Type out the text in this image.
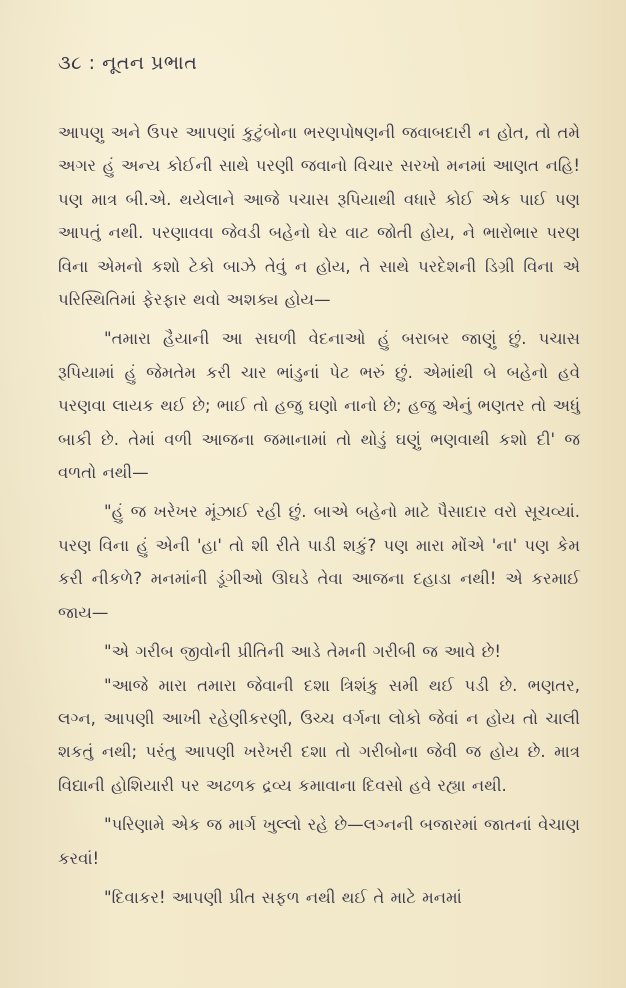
૩૮ : નૂતન પ્રભાત

આપણુ અને ઉપર આપણાં કુટુંબોના ભરણપોષણની જવાબદારી ન હોત, તો તમે અગર હું અન્ય કોઈની સાથે પરણી જવાનો વિચાર સરખો મનમાં આણત નહિ! પણ માત્ર બી.એ. થયેલાને આજે પચાસ રૂપિયાથી વધારે કોઈ એક પાઈ પણ આપતું નથી. પરણાવવા જેવડી બહેનો ઘેર વાટ જોતી હોય, ને ભારોભાર પરણ વિના એમનો કશો ટેકો બાઝે તેવું ન હોય, તે સાથે પરદેશની ડિગ્રી વિના એ પરિસ્થિતિમાં ફેરફાર થવો અશક્ય હોય—

"તમારા હૈયાની આ સઘળી વેદનાઓ હું બરાબર જાણું છું. પચાસ રૂપિયામાં હું જેમતેમ કરી ચાર ભાંડુનાં પેટ ભરું છું. એમાંથી બે બહેનો હવે પરણવા લાયક થઈ છે; ભાઈ તો હજુ ઘણો નાનો છે; હજુ એનું ભણતર તો અધું બાકી છે. તેમાં વળી આજના જમાનામાં તો થોડું ઘણું ભણવાથી કશો દી' જ વળતો નથી—

"હું જ ખરેખર મૂંઝાઈ રહી છું. બાએ બહેનો માટે પૈસાદાર વરો સૂચવ્યાં. પરણ વિના હું એની 'હા' તો શી રીતે પાડી શકું? પણ મારા મોંએ 'ના' પણ કેમ કરી નીકળે? મનમાંની ડૂંગીઓ ઊઘડે તેવા આજના દહાડા નથી! એ કરમાઈ જાય—

"એ ગરીબ જીવોની પ્રીતિની આડે તેમની ગરીબી જ આવે છે!

"આજે મારા તમારા જેવાની દશા ત્રિશંકુ સમી થઈ પડી છે. ભણતર, લગ્ન, આપણી આખી રહેણીકરણી, ઉચ્ચ વર્ગના લોકો જેવાં ન હોય તો ચાલી શકતું નથી; પરંતુ આપણી ખરેખરી દશા તો ગરીબોના જેવી જ હોય છે. માત્ર વિદ્યાની હોશિયારી પર અઢળક દ્રવ્ય કમાવાના દિવસો હવે રહ્યા નથી.

"પરિણામે એક જ માર્ગ ખુલ્લો રહે છે—લગ્નની બજારમાં જાતનાં વેચાણ કરવાં!

"દિવાકર! આપણી પ્રીત સફળ નથી થઈ તે માટે મનમાં
